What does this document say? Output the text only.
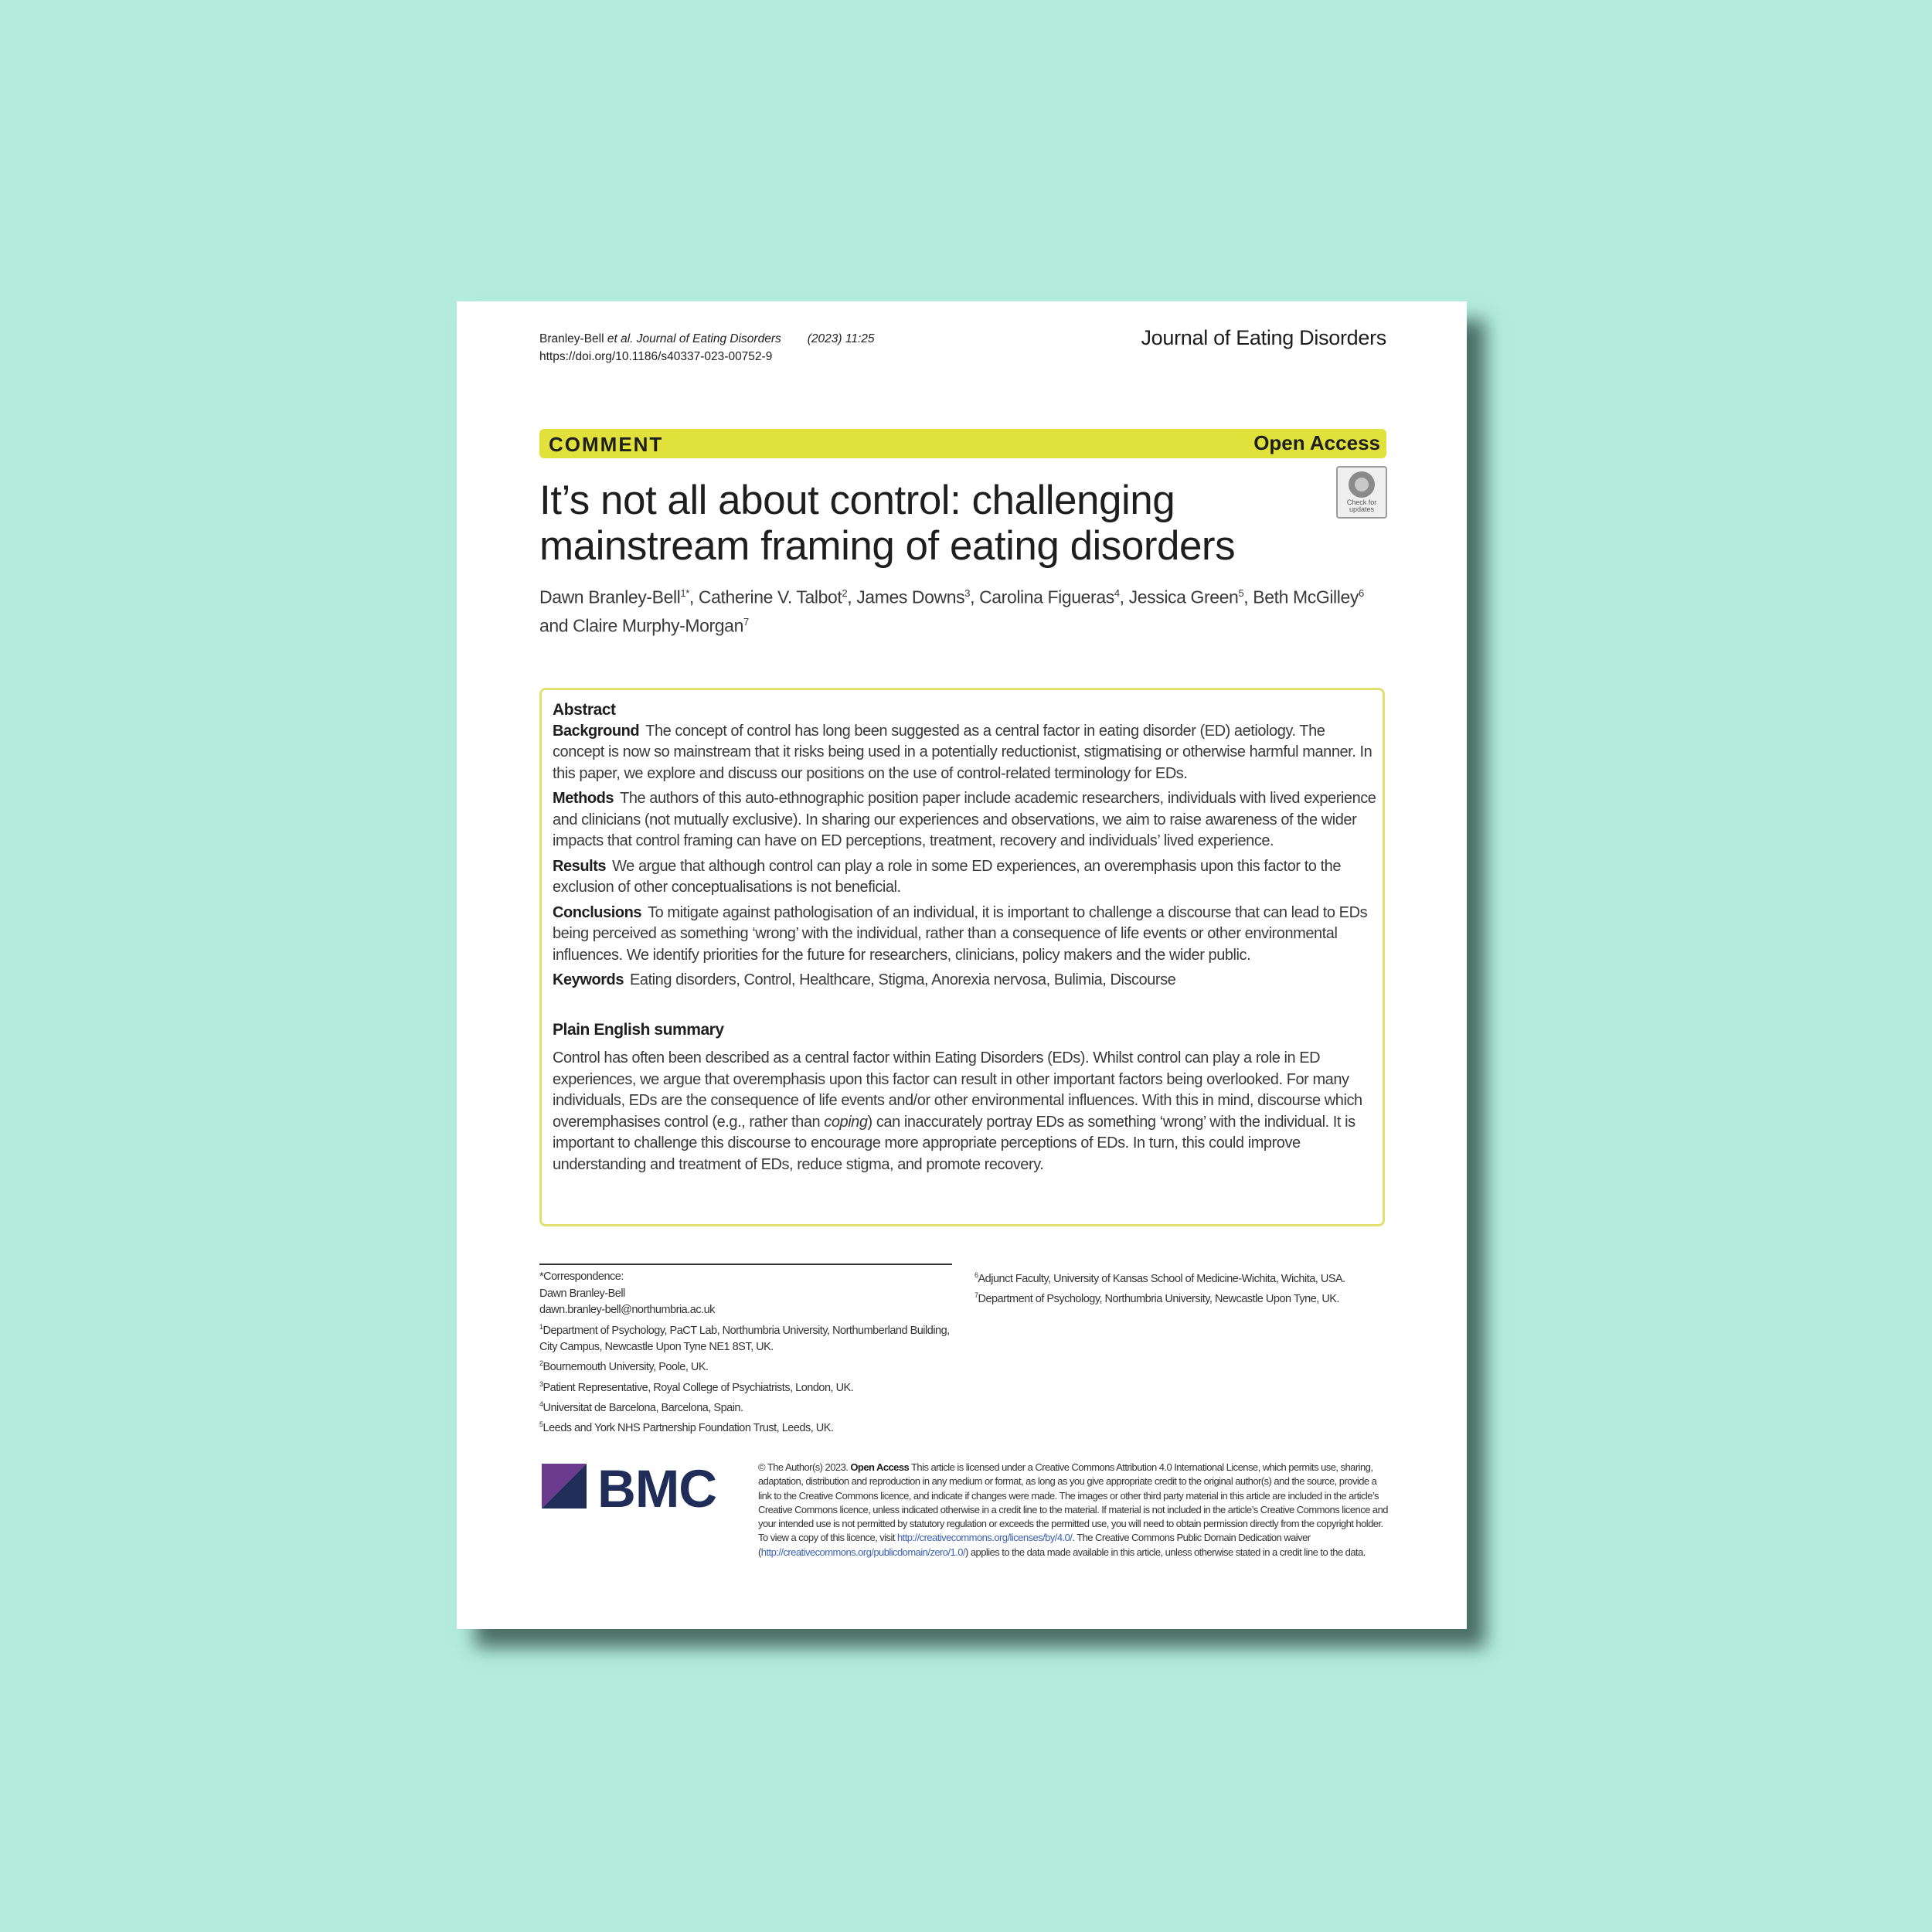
Branley-Bell et al. Journal of Eating Disorders (2023) 11:25
https://doi.org/10.1186/s40337-023-00752-9
Journal of Eating Disorders
COMMENT	Open Access
Check for updates
It’s not all about control: challenging mainstream framing of eating disorders
Dawn Branley-Bell$^{1*}$, Catherine V. Talbot$^2$, James Downs$^3$, Carolina Figueras$^4$, Jessica Green$^5$, Beth McGilley$^6$ and Claire Murphy-Morgan$^7$
Abstract

Background The concept of control has long been suggested as a central factor in eating disorder (ED) aetiology. The concept is now so mainstream that it risks being used in a potentially reductionist, stigmatising or otherwise harmful manner. In this paper, we explore and discuss our positions on the use of control-related terminology for EDs.

Methods The authors of this auto-ethnographic position paper include academic researchers, individuals with lived experience and clinicians (not mutually exclusive). In sharing our experiences and observations, we aim to raise awareness of the wider impacts that control framing can have on ED perceptions, treatment, recovery and individuals’ lived experience.

Results We argue that although control can play a role in some ED experiences, an overemphasis upon this factor to the exclusion of other conceptualisations is not beneficial.

Conclusions To mitigate against pathologisation of an individual, it is important to challenge a discourse that can lead to EDs being perceived as something ‘wrong’ with the individual, rather than a consequence of life events or other environmental influences. We identify priorities for the future for researchers, clinicians, policy makers and the wider public.

Keywords Eating disorders, Control, Healthcare, Stigma, Anorexia nervosa, Bulimia, Discourse

Plain English summary
Control has often been described as a central factor within Eating Disorders (EDs). Whilst control can play a role in ED experiences, we argue that overemphasis upon this factor can result in other important factors being overlooked. For many individuals, EDs are the consequence of life events and/or other environmental influences. With this in mind, discourse which overemphasises control (e.g., rather than coping) can inaccurately portray EDs as something ‘wrong’ with the individual. It is important to challenge this discourse to encourage more appropriate perceptions of EDs. In turn, this could improve understanding and treatment of EDs, reduce stigma, and promote recovery.
*Correspondence:
Dawn Branley-Bell
dawn.branley-bell@northumbria.ac.uk
$^1$Department of Psychology, PaCT Lab, Northumbria University, Northumberland Building, City Campus, Newcastle Upon Tyne NE1 8ST, UK.
$^2$Bournemouth University, Poole, UK.
$^3$Patient Representative, Royal College of Psychiatrists, London, UK.
$^4$Universitat de Barcelona, Barcelona, Spain.
$^5$Leeds and York NHS Partnership Foundation Trust, Leeds, UK.
$^6$Adjunct Faculty, University of Kansas School of Medicine-Wichita, Wichita, USA.
$^7$Department of Psychology, Northumbria University, Newcastle Upon Tyne, UK.
BMC	© The Author(s) 2023. Open Access This article is licensed under a Creative Commons Attribution 4.0 International License, which permits use, sharing, adaptation, distribution and reproduction in any medium or format, as long as you give appropriate credit to the original author(s) and the source, provide a link to the Creative Commons licence, and indicate if changes were made. The images or other third party material in this article are included in the article’s Creative Commons licence, unless indicated otherwise in a credit line to the material. If material is not included in the article’s Creative Commons licence and your intended use is not permitted by statutory regulation or exceeds the permitted use, you will need to obtain permission directly from the copyright holder. To view a copy of this licence, visit http://creativecommons.org/licenses/by/4.0/. The Creative Commons Public Domain Dedication waiver (http://creativecommons.org/publicdomain/zero/1.0/) applies to the data made available in this article, unless otherwise stated in a credit line to the data.
